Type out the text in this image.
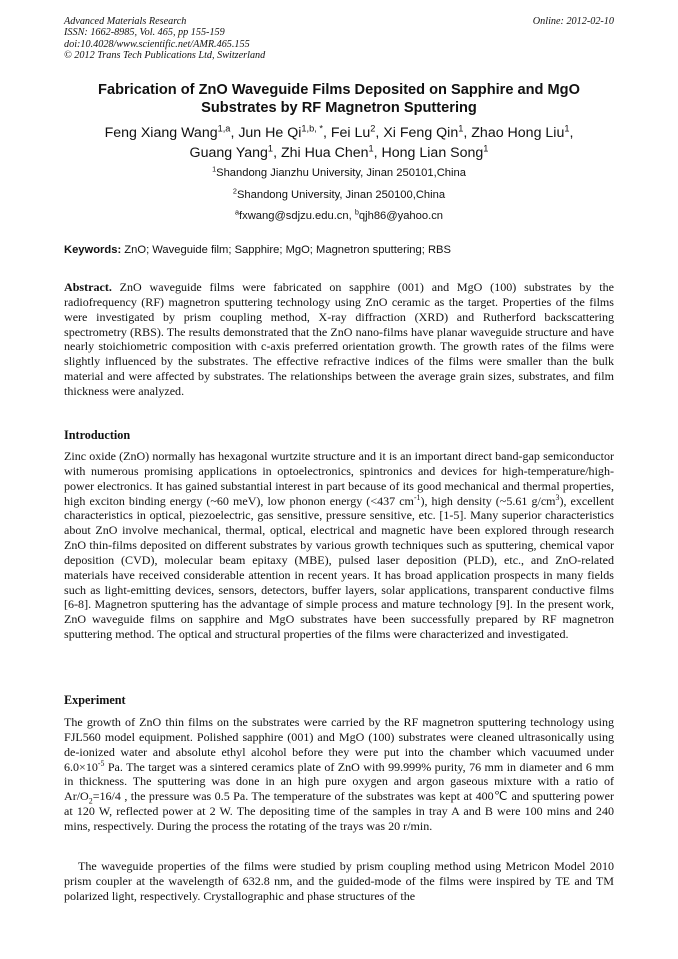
Advanced Materials Research
ISSN: 1662-8985, Vol. 465, pp 155-159
doi:10.4028/www.scientific.net/AMR.465.155
© 2012 Trans Tech Publications Ltd, Switzerland
Online: 2012-02-10
Fabrication of ZnO Waveguide Films Deposited on Sapphire and MgO Substrates by RF Magnetron Sputtering
Feng Xiang Wang$^{1,a}$, Jun He $Qi^{1,b, *}$, Fei Lu$^2$, Xi Feng Qin$^1$, Zhao Hong Liu$^1$,
Guang Yang$^1$, Zhi Hua Chen$^1$, Hong Lian Song$^1$
$^1$Shandong Jianzhu University, Jinan 250101,China
$^2$Shandong University, Jinan 250100,China
$^a$fxwang@sdjzu.edu.cn, $^b$qjh86@yahoo.cn
Keywords: ZnO; Waveguide film; Sapphire; MgO; Magnetron sputtering; RBS

Abstract. ZnO waveguide films were fabricated on sapphire (001) and MgO (100) substrates by the radiofrequency (RF) magnetron sputtering technology using ZnO ceramic as the target. Properties of the films were investigated by prism coupling method, X-ray diffraction (XRD) and Rutherford backscattering spectrometry (RBS). The results demonstrated that the ZnO nano-films have planar waveguide structure and have nearly stoichiometric composition with c-axis preferred orientation growth. The growth rates of the films were slightly influenced by the substrates. The effective refractive indices of the films were smaller than the bulk material and were affected by substrates. The relationships between the average grain sizes, substrates, and film thickness were analyzed.

Introduction

Zinc oxide (ZnO) normally has hexagonal wurtzite structure and it is an important direct band-gap semiconductor with numerous promising applications in optoelectronics, spintronics and devices for high-temperature/high-power electronics. It has gained substantial interest in part because of its good mechanical and thermal properties, high exciton binding energy (~60 meV), low phonon energy (<437 $cm^{-1}$), high density (~5.61 $g/cm^3$), excellent characteristics in optical, piezoelectric, gas sensitive, pressure sensitive, etc. [1-5]. Many superior characteristics about ZnO involve mechanical, thermal, optical, electrical and magnetic have been explored through research ZnO thin-films deposited on different substrates by various growth techniques such as sputtering, chemical vapor deposition (CVD), molecular beam epitaxy (MBE), pulsed laser deposition (PLD), etc., and ZnO-related materials have received considerable attention in recent years. It has broad application prospects in many fields such as light-emitting devices, sensors, detectors, buffer layers, solar applications, transparent conductive films [6-8]. Magnetron sputtering has the advantage of simple process and mature technology [9]. In the present work, ZnO waveguide films on sapphire and MgO substrates have been successfully prepared by RF magnetron sputtering method. The optical and structural properties of the films were characterized and investigated.

Experiment

The growth of ZnO thin films on the substrates were carried by the RF magnetron sputtering technology using FJL560 model equipment. Polished sapphire (001) and MgO (100) substrates were cleaned ultrasonically using de-ionized water and absolute ethyl alcohol before they were put into the chamber which vacuumed under $6.0\times 10^{-5}$ Pa. The target was a sintered ceramics plate of ZnO with 99.999% purity, 76 mm in diameter and 6 mm in thickness. The sputtering was done in an high pure oxygen and argon gaseous mixture with a ratio of $Ar/O_2=16/4$ , the pressure was 0.5 Pa. The temperature of the substrates was kept at 400℃ and sputtering power at 120 W, reflected power at 2 W. The depositing time of the samples in tray A and B were 100 mins and 240 mins, respectively. During the process the rotating of the trays was 20 r/min.

The waveguide properties of the films were studied by prism coupling method using Metricon Model 2010 prism coupler at the wavelength of 632.8 nm, and the guided-mode of the films were inspired by TE and TM polarized light, respectively. Crystallographic and phase structures of the
